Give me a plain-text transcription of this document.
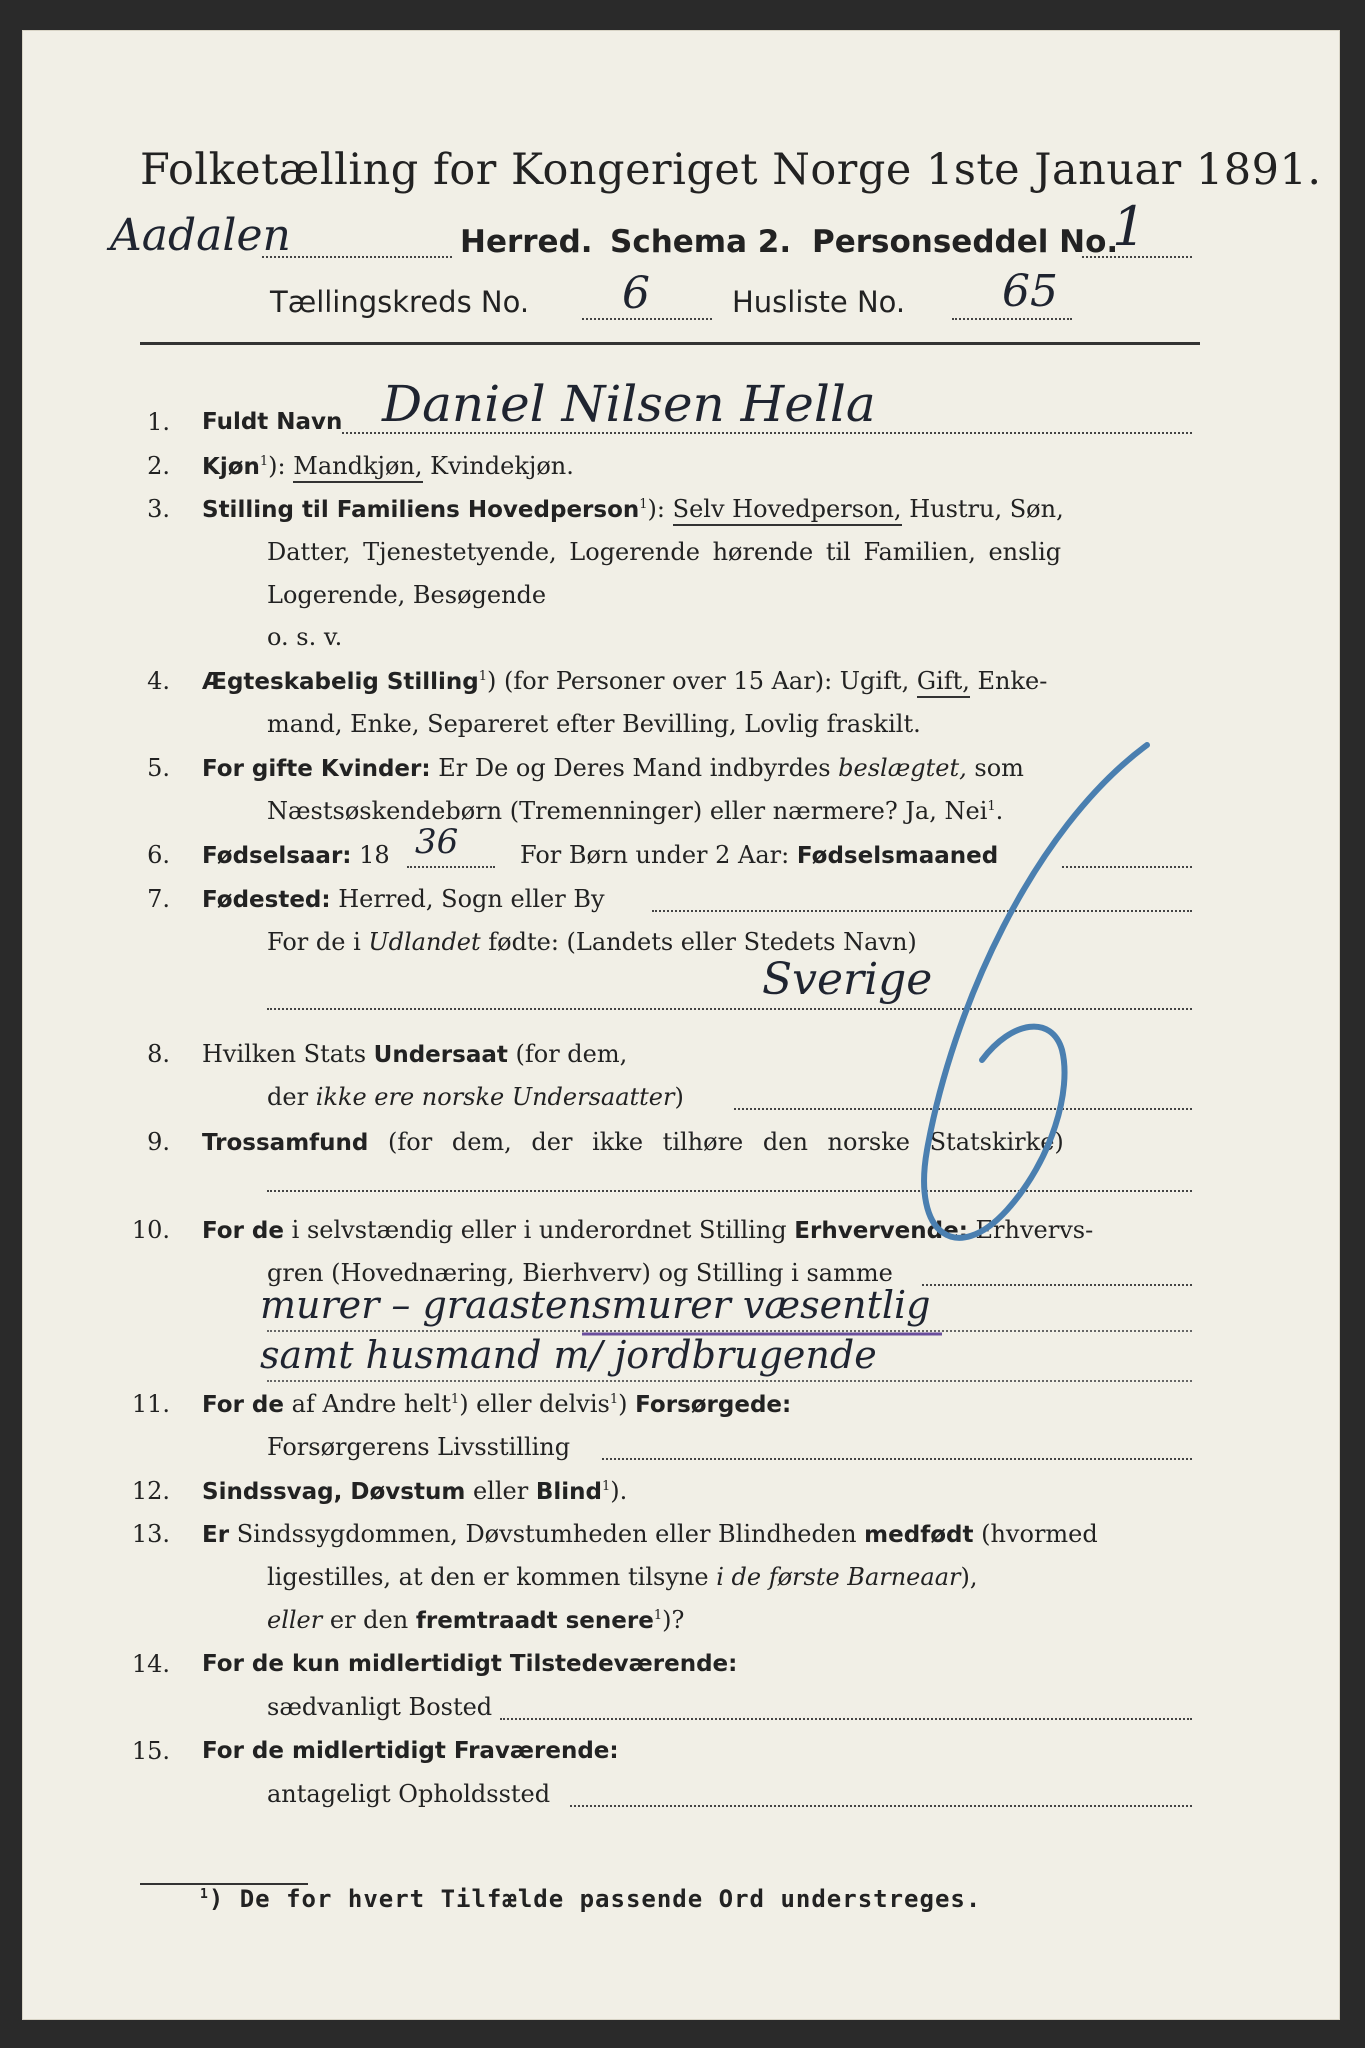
Folketælling for Kongeriget Norge 1ste Januar 1891.
Aadalen	Herred. Schema 2. Personseddel No.
1
Tællingskreds No. 6	Husliste No. 65
1. Fuldt Navn Daniel Nilsen Hella
2. Kjøn$^1$): Mandkjøn, Kvindekjøn.
3. Stilling til Familiens Hovedperson$^1$): Selv Hovedperson, Hustru, Søn,
Datter, Tjenestetyende, Logerende hørende til Familien, enslig
Logerende, Besøgende
o. s. v.
4. Ægteskabelig Stilling$^1$) (for Personer over 15 Aar): Ugift, Gift, Enke-
mand, Enke, Separeret efter Bevilling, Lovlig fraskilt.
5. For gifte Kvinder: Er De og Deres Mand indbyrdes beslægtet, som
Næstsøskendebørn (Tremenninger) eller nærmere? Ja, Nei$^1$.
6. Fødselsaar: 18 36	For Børn under 2 Aar: Fødselsmaaned
7. Fødested: Herred, Sogn eller By
For de i Udlandet fødte: (Landets eller Stedets Navn)
Sverige
8. Hvilken Stats Undersaat (for dem,
der ikke ere norske Undersaatter)
9. Trossamfund (for dem, der ikke tilhøre den norske Statskirke)
10. For de i selvstændig eller i underordnet Stilling Erhvervende: Erhvervs-
gren (Hovednæring, Bierhverv) og Stilling i samme
murer – graastensmurer væsentlig
samt husmand m/ jordbrugende
11. For de af Andre helt$^1$) eller delvis$^1$) Forsørgede:
Forsørgerens Livsstilling
12. Sindssvag, Døvstum eller Blind$^1$).
13. Er Sindssygdommen, Døvstumheden eller Blindheden medfødt (hvormed
ligestilles, at den er kommen tilsyne i de første Barneaar),
eller er den fremtraadt senere$^1$)?
14. For de kun midlertidigt Tilstedeværende:
sædvanligt Bosted
15. For de midlertidigt Fraværende:
antageligt Opholdssted
$^1$) De for hvert Tilfælde passende Ord understreges.
6
